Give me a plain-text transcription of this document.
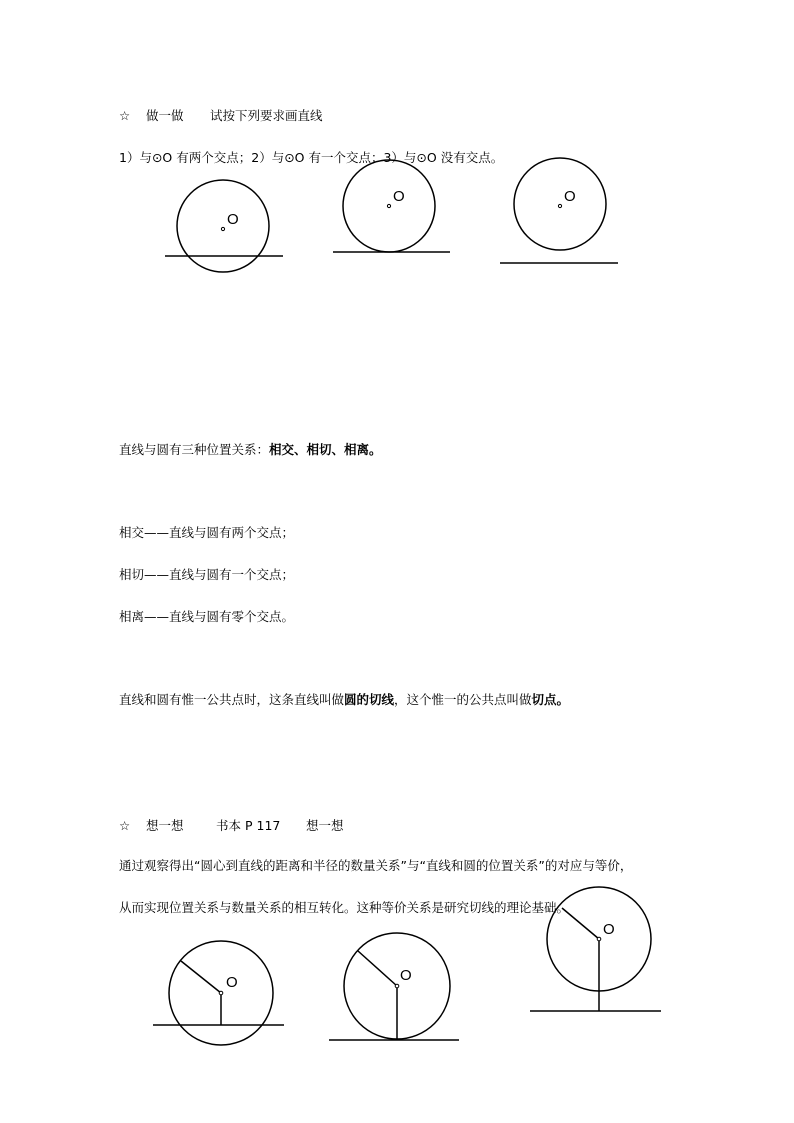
☆ 做一做 试按下列要求画直线
1）与⊙O 有两个交点；2）与⊙O 有一个交点；3）与⊙O 没有交点。
O
O	O
O	O
O
直线与圆有三种位置关系：相交、相切、相离。
相交——直线与圆有两个交点；
相切——直线与圆有一个交点；
相离——直线与圆有零个交点。
直线和圆有惟一公共点时，这条直线叫做圆的切线，这个惟一的公共点叫做切点。
☆ 想一想	书本 P 117 想一想
通过观察得出“圆心到直线的距离和半径的数量关系”与“直线和圆的位置关系”的对应与等价，
从而实现位置关系与数量关系的相互转化。这种等价关系是研究切线的理论基础。
